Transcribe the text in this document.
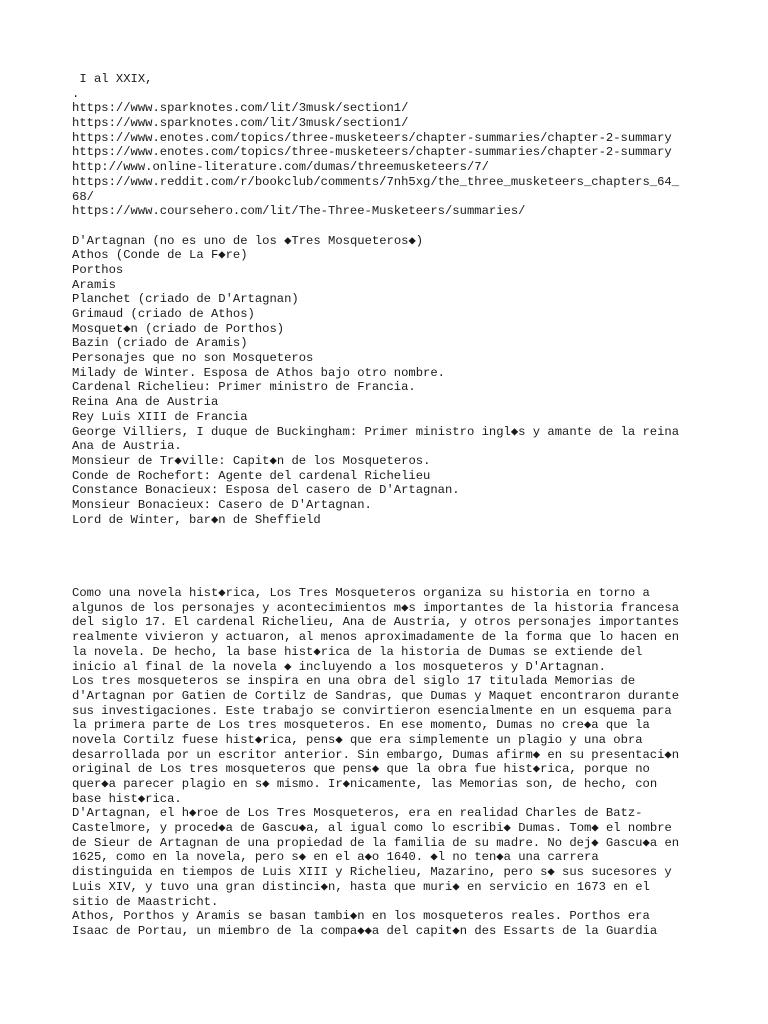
I al XXIX,
.
https://www.sparknotes.com/lit/3musk/section1/
https://www.sparknotes.com/lit/3musk/section1/
https://www.enotes.com/topics/three-musketeers/chapter-summaries/chapter-2-summary
https://www.enotes.com/topics/three-musketeers/chapter-summaries/chapter-2-summary
http://www.online-literature.com/dumas/threemusketeers/7/
https://www.reddit.com/r/bookclub/comments/7nh5xg/the_three_musketeers_chapters_64_
68/
https://www.coursehero.com/lit/The-Three-Musketeers/summaries/
D'Artagnan (no es uno de los ◆Tres Mosqueteros◆)
Athos (Conde de La F◆re)
Porthos
Aramis
Planchet (criado de D'Artagnan)
Grimaud (criado de Athos)
Mosquet◆n (criado de Porthos)
Bazin (criado de Aramis)
Personajes que no son Mosqueteros
Milady de Winter. Esposa de Athos bajo otro nombre.
Cardenal Richelieu: Primer ministro de Francia.
Reina Ana de Austria
Rey Luis XIII de Francia
George Villiers, I duque de Buckingham: Primer ministro ingl◆s y amante de la reina
Ana de Austria.
Monsieur de Tr◆ville: Capit◆n de los Mosqueteros.
Conde de Rochefort: Agente del cardenal Richelieu
Constance Bonacieux: Esposa del casero de D'Artagnan.
Monsieur Bonacieux: Casero de D'Artagnan.
Lord de Winter, bar◆n de Sheffield
Como una novela hist◆rica, Los Tres Mosqueteros organiza su historia en torno a
algunos de los personajes y acontecimientos m◆s importantes de la historia francesa
del siglo 17. El cardenal Richelieu, Ana de Austria, y otros personajes importantes
realmente vivieron y actuaron, al menos aproximadamente de la forma que lo hacen en
la novela. De hecho, la base hist◆rica de la historia de Dumas se extiende del
inicio al final de la novela ◆ incluyendo a los mosqueteros y D'Artagnan.
Los tres mosqueteros se inspira en una obra del siglo 17 titulada Memorias de
d'Artagnan por Gatien de Cortilz de Sandras, que Dumas y Maquet encontraron durante
sus investigaciones. Este trabajo se convirtieron esencialmente en un esquema para
la primera parte de Los tres mosqueteros. En ese momento, Dumas no cre◆a que la
novela Cortilz fuese hist◆rica, pens◆ que era simplemente un plagio y una obra
desarrollada por un escritor anterior. Sin embargo, Dumas afirm◆ en su presentaci◆n
original de Los tres mosqueteros que pens◆ que la obra fue hist◆rica, porque no
quer◆a parecer plagio en s◆ mismo. Ir◆nicamente, las Memorias son, de hecho, con
base hist◆rica.
D'Artagnan, el h◆roe de Los Tres Mosqueteros, era en realidad Charles de Batz-
Castelmore, y proced◆a de Gascu◆a, al igual como lo escribi◆ Dumas. Tom◆ el nombre
de Sieur de Artagnan de una propiedad de la familia de su madre. No dej◆ Gascu◆a en
1625, como en la novela, pero s◆ en el a◆o 1640. ◆l no ten◆a una carrera
distinguida en tiempos de Luis XIII y Richelieu, Mazarino, pero s◆ sus sucesores y
Luis XIV, y tuvo una gran distinci◆n, hasta que muri◆ en servicio en 1673 en el
sitio de Maastricht.
Athos, Porthos y Aramis se basan tambi◆n en los mosqueteros reales. Porthos era
Isaac de Portau, un miembro de la compa◆◆a del capit◆n des Essarts de la Guardia
